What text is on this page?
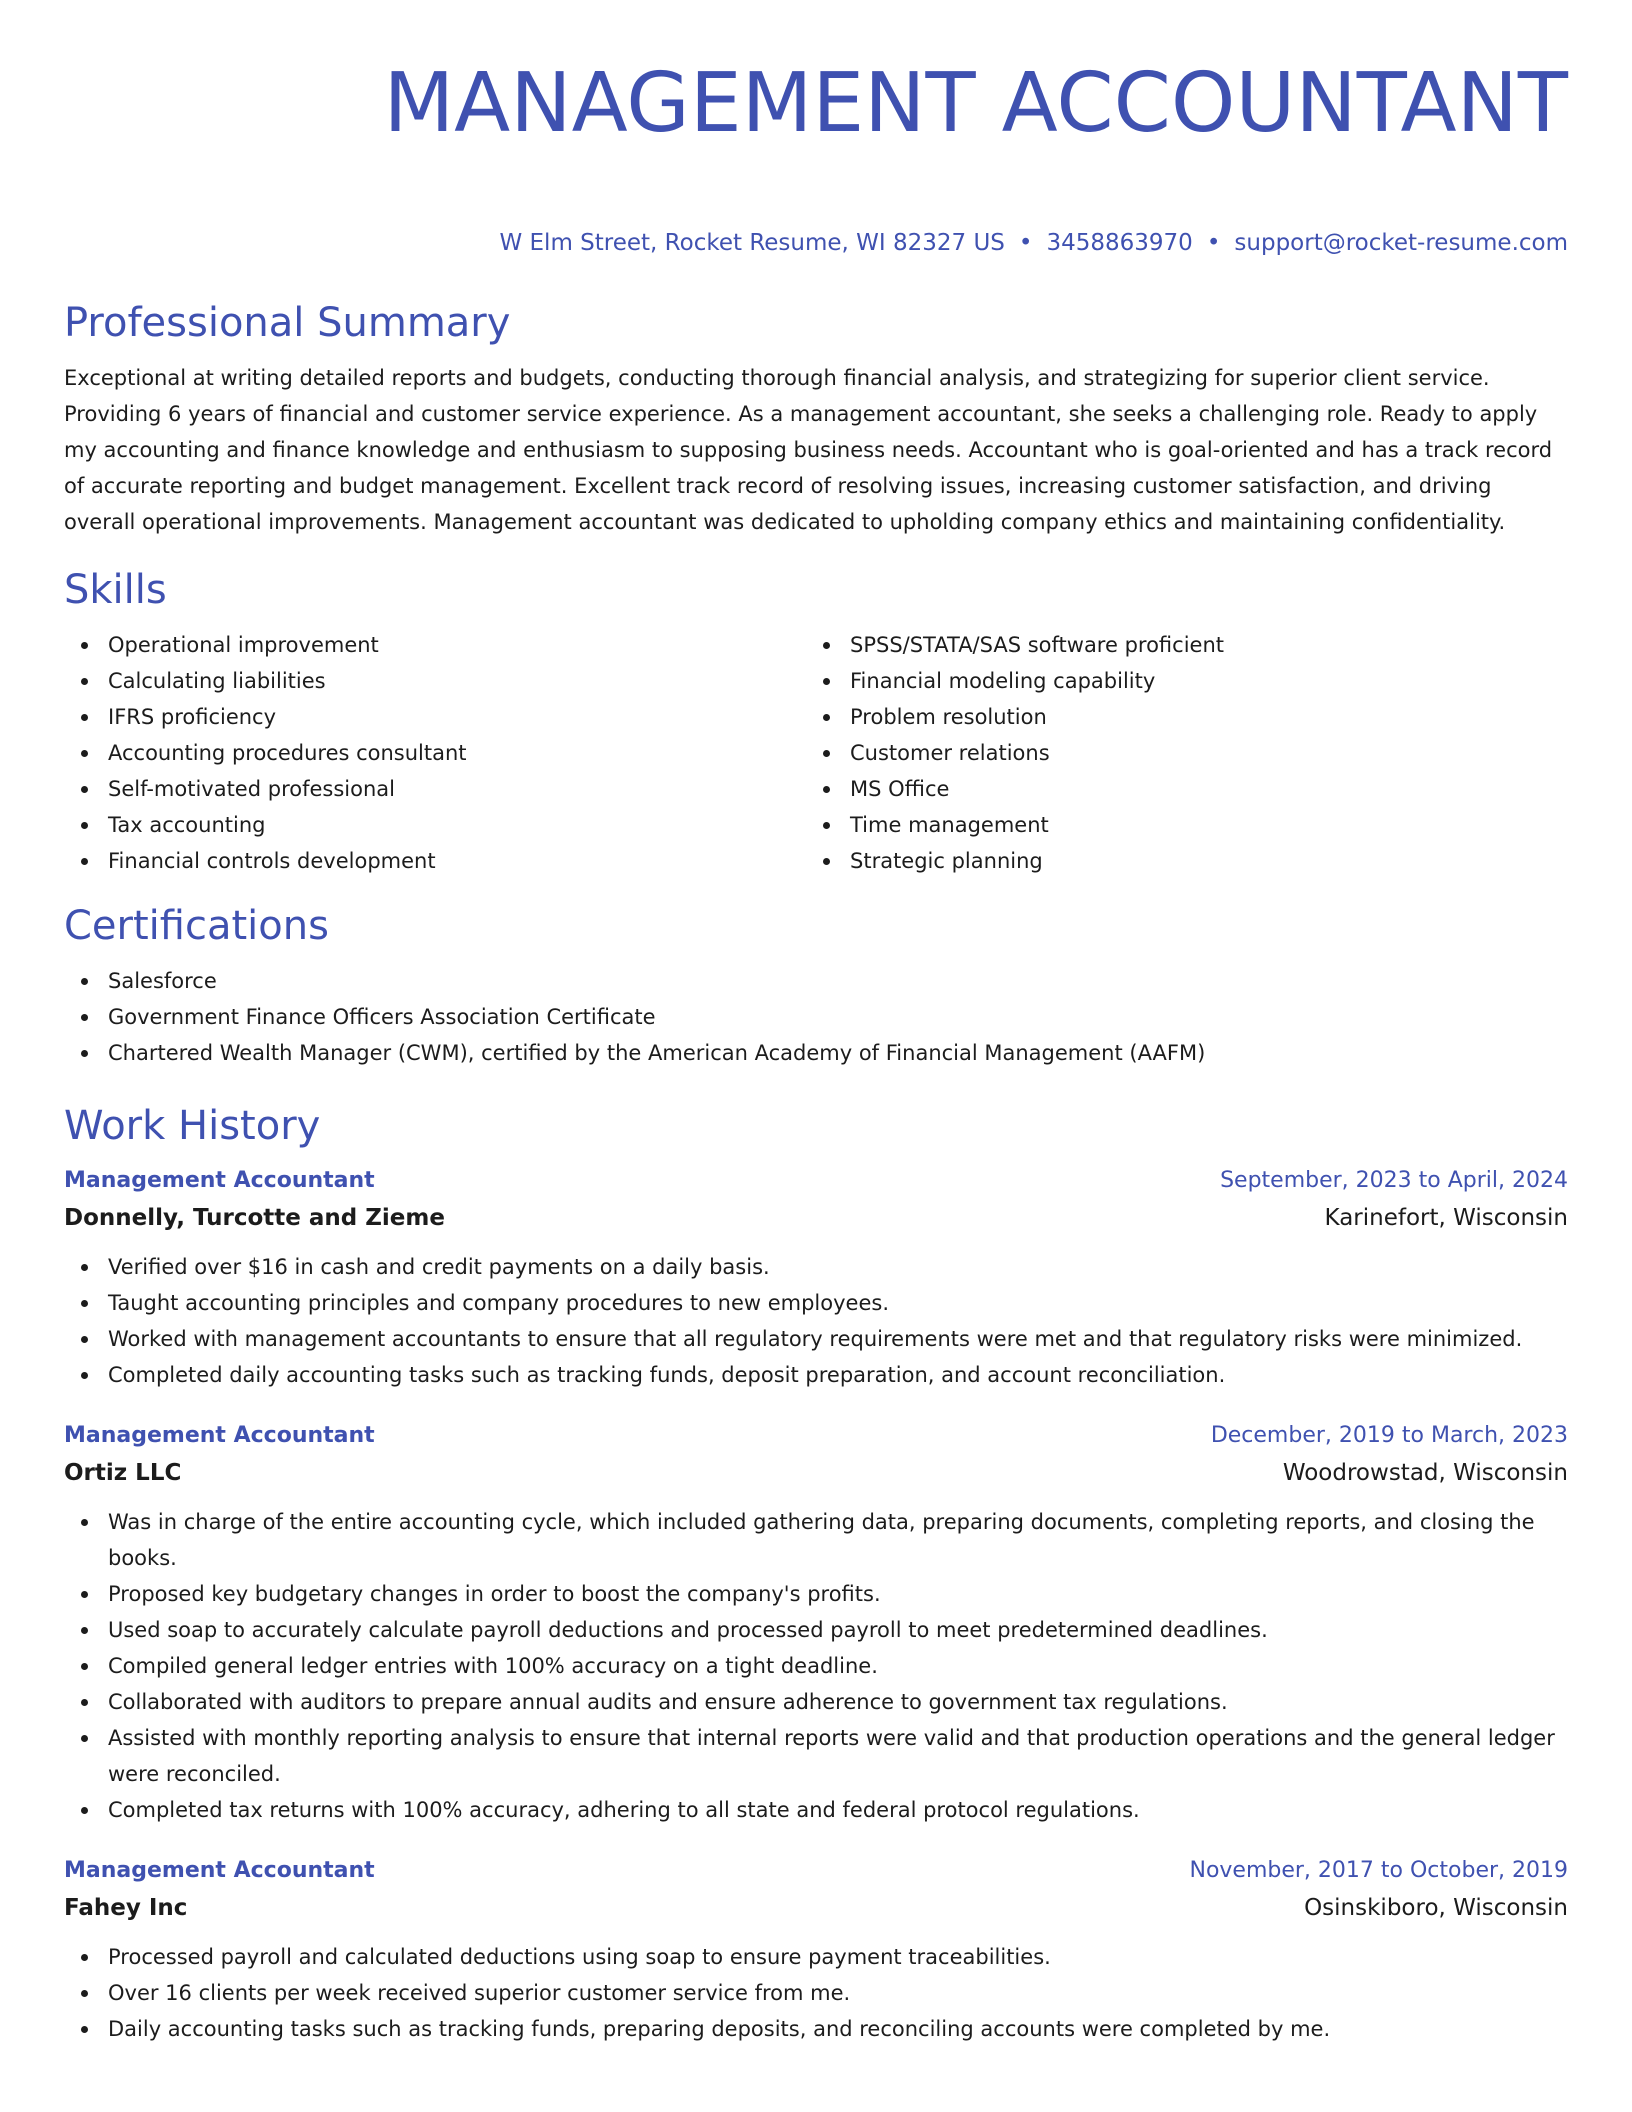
MANAGEMENT ACCOUNTANT
W Elm Street, Rocket Resume, WI 82327 US • 3458863970 • support@rocket-resume.com
Professional Summary

Exceptional at writing detailed reports and budgets, conducting thorough financial analysis, and strategizing for superior client service. Providing 6 years of financial and customer service experience. As a management accountant, she seeks a challenging role. Ready to apply my accounting and finance knowledge and enthusiasm to supposing business needs. Accountant who is goal-oriented and has a track record of accurate reporting and budget management. Excellent track record of resolving issues, increasing customer satisfaction, and driving overall operational improvements. Management accountant was dedicated to upholding company ethics and maintaining confidentiality.

Skills
Operational improvement
Calculating liabilities
IFRS proficiency
Accounting procedures consultant
Self-motivated professional
Tax accounting
Financial controls development
SPSS/STATA/SAS software proficient
Financial modeling capability
Problem resolution
Customer relations
MS Office
Time management
Strategic planning
Certifications
Salesforce
Government Finance Officers Association Certificate
Chartered Wealth Manager (CWM), certified by the American Academy of Financial Management (AAFM)
Work History
Management Accountant	September, 2023 to April, 2024
Donnelly, Turcotte and Zieme	Karinefort, Wisconsin
Verified over $16 in cash and credit payments on a daily basis.
Taught accounting principles and company procedures to new employees.
Worked with management accountants to ensure that all regulatory requirements were met and that regulatory risks were minimized.
Completed daily accounting tasks such as tracking funds, deposit preparation, and account reconciliation.
Management Accountant	December, 2019 to March, 2023
Ortiz LLC	Woodrowstad, Wisconsin
Was in charge of the entire accounting cycle, which included gathering data, preparing documents, completing reports, and closing the books.
Proposed key budgetary changes in order to boost the company's profits.
Used soap to accurately calculate payroll deductions and processed payroll to meet predetermined deadlines.
Compiled general ledger entries with 100% accuracy on a tight deadline.
Collaborated with auditors to prepare annual audits and ensure adherence to government tax regulations.
Assisted with monthly reporting analysis to ensure that internal reports were valid and that production operations and the general ledger were reconciled.
Completed tax returns with 100% accuracy, adhering to all state and federal protocol regulations.
Management Accountant	November, 2017 to October, 2019
Fahey Inc	Osinskiboro, Wisconsin
Processed payroll and calculated deductions using soap to ensure payment traceabilities.
Over 16 clients per week received superior customer service from me.
Daily accounting tasks such as tracking funds, preparing deposits, and reconciling accounts were completed by me.
